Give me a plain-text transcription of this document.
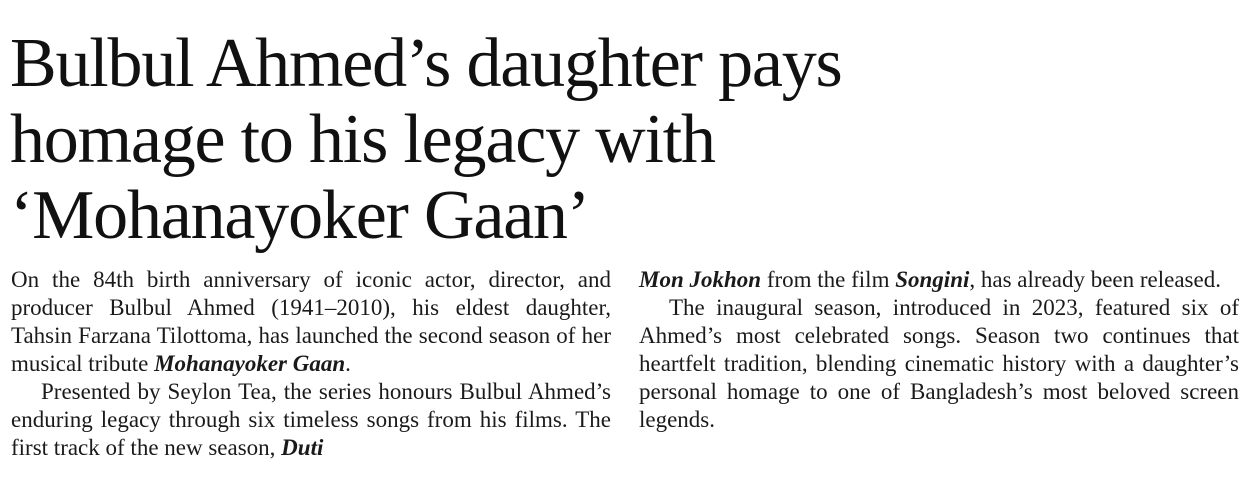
Bulbul Ahmed’s daughter pays
homage to his legacy with
‘Mohanayoker Gaan’

On the 84th birth anniversary of iconic actor, director, and producer Bulbul Ahmed (1941–2010), his eldest daughter, Tahsin Farzana Tilottoma, has launched the second season of her musical tribute Mohanayoker Gaan.

Presented by Seylon Tea, the series honours Bulbul Ahmed’s enduring legacy through six timeless songs from his films. The first track of the new season, Duti

Mon Jokhon from the film Songini, has already been released.

The inaugural season, introduced in 2023, featured six of Ahmed’s most celebrated songs. Season two continues that heartfelt tradition, blending cinematic history with a daughter’s personal homage to one of Bangladesh’s most beloved screen legends.
